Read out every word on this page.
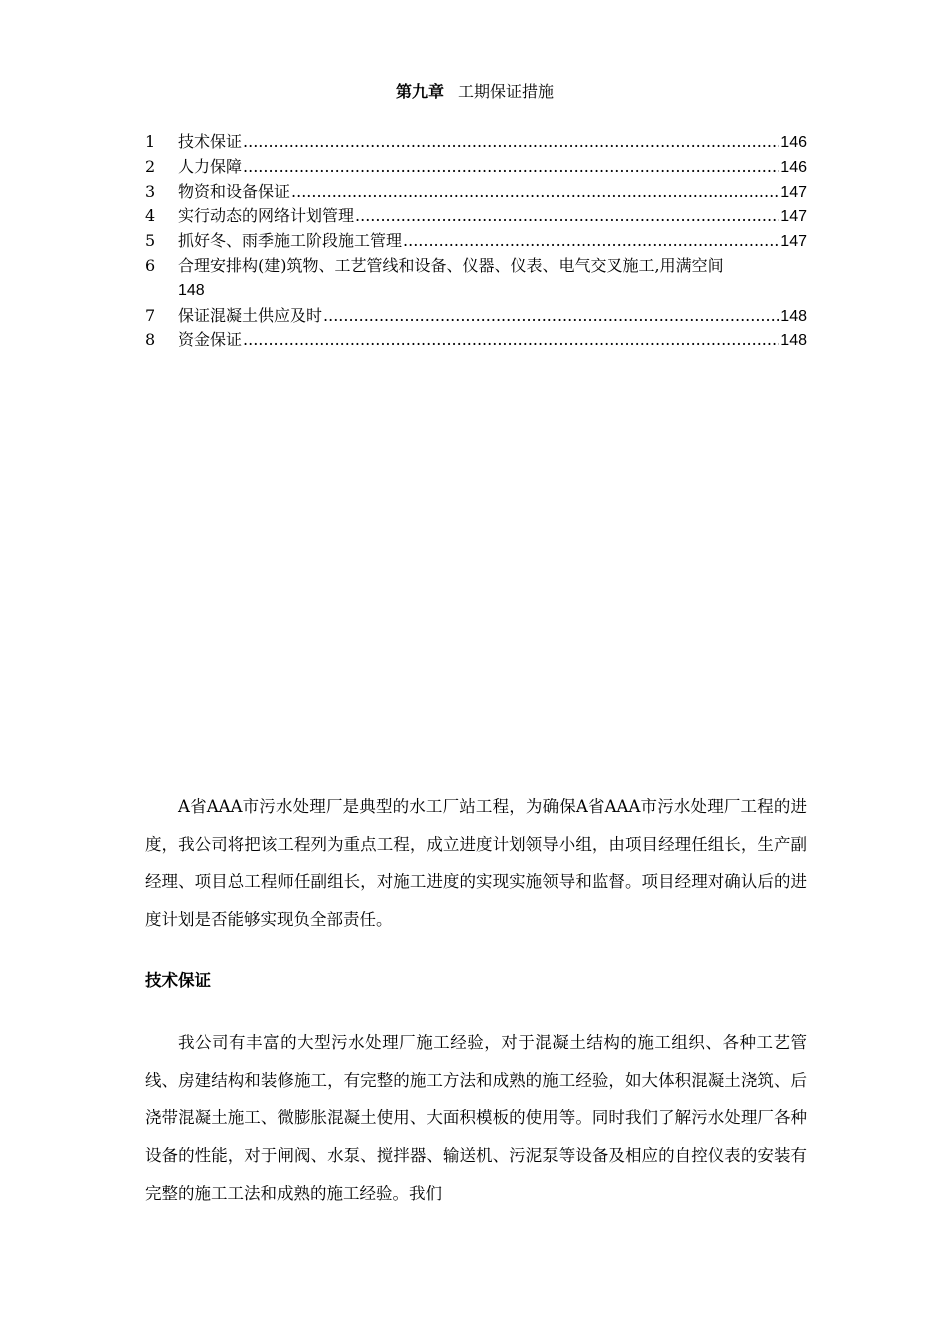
第九章 工期保证措施
1	技术保证 .....	146
2	人力保障 .....	146
3	物资和设备保证 .....	147
4	实行动态的网络计划管理 .....	147
5	抓好冬、雨季施工阶段施工管理 .....	147
6	合理安排构(建)筑物、工艺管线和设备、仪器、仪表、电气交叉施工,用满空间
148
7	保证混凝土供应及时 .....	148
8	资金保证 .....	148

A省AAA市污水处理厂是典型的水工厂站工程，为确保A省AAA市污水处理厂工程的进度，我公司将把该工程列为重点工程，成立进度计划领导小组，由项目经理任组长，生产副经理、项目总工程师任副组长，对施工进度的实现实施领导和监督。项目经理对确认后的进度计划是否能够实现负全部责任。

技术保证

我公司有丰富的大型污水处理厂施工经验，对于混凝土结构的施工组织、各种工艺管线、房建结构和装修施工，有完整的施工方法和成熟的施工经验，如大体积混凝土浇筑、后浇带混凝土施工、微膨胀混凝土使用、大面积模板的使用等。同时我们了解污水处理厂各种设备的性能，对于闸阀、水泵、搅拌器、输送机、污泥泵等设备及相应的自控仪表的安装有完整的施工工法和成熟的施工经验。我们
